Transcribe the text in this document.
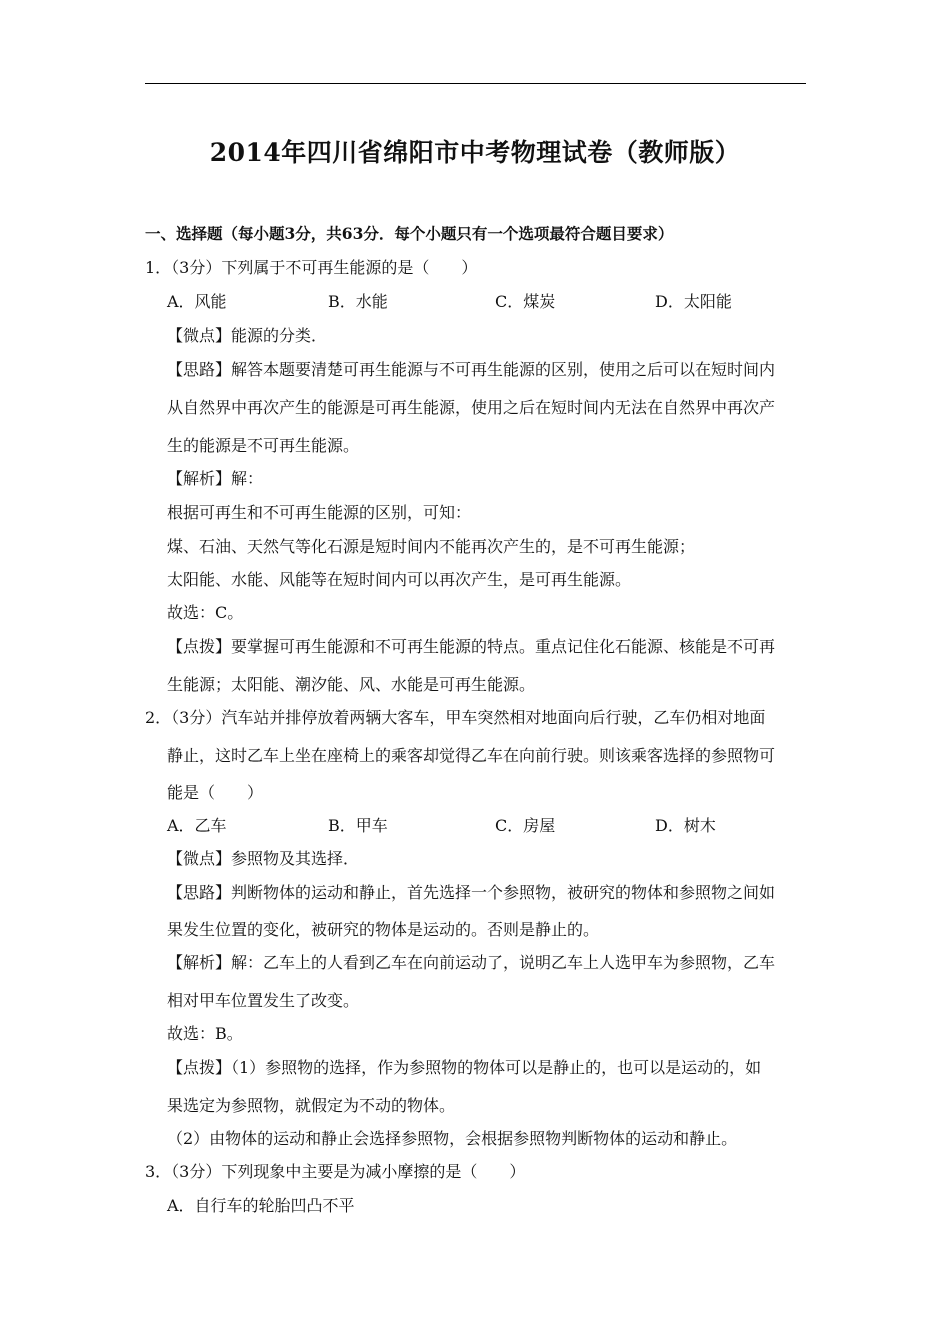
2014年四川省绵阳市中考物理试卷（教师版）
一、选择题（每小题3分，共63分．每个小题只有一个选项最符合题目要求）
1．（3分）下列属于不可再生能源的是（　　）
A．风能	B．水能	C．煤炭	D．太阳能
【微点】能源的分类．
【思路】解答本题要清楚可再生能源与不可再生能源的区别，使用之后可以在短时间内
从自然界中再次产生的能源是可再生能源，使用之后在短时间内无法在自然界中再次产
生的能源是不可再生能源。
【解析】解：
根据可再生和不可再生能源的区别，可知：
煤、石油、天然气等化石源是短时间内不能再次产生的，是不可再生能源；
太阳能、水能、风能等在短时间内可以再次产生，是可再生能源。
故选：C。
【点拨】要掌握可再生能源和不可再生能源的特点。重点记住化石能源、核能是不可再
生能源；太阳能、潮汐能、风、水能是可再生能源。
2．（3分）汽车站并排停放着两辆大客车，甲车突然相对地面向后行驶，乙车仍相对地面
静止，这时乙车上坐在座椅上的乘客却觉得乙车在向前行驶。则该乘客选择的参照物可
能是（　　）
A．乙车	B．甲车	C．房屋	D．树木
【微点】参照物及其选择．
【思路】判断物体的运动和静止，首先选择一个参照物，被研究的物体和参照物之间如
果发生位置的变化，被研究的物体是运动的。否则是静止的。
【解析】解：乙车上的人看到乙车在向前运动了，说明乙车上人选甲车为参照物，乙车
相对甲车位置发生了改变。
故选：B。
【点拨】（1）参照物的选择，作为参照物的物体可以是静止的，也可以是运动的，如
果选定为参照物，就假定为不动的物体。
（2）由物体的运动和静止会选择参照物，会根据参照物判断物体的运动和静止。
3．（3分）下列现象中主要是为减小摩擦的是（　　）
A．自行车的轮胎凹凸不平
